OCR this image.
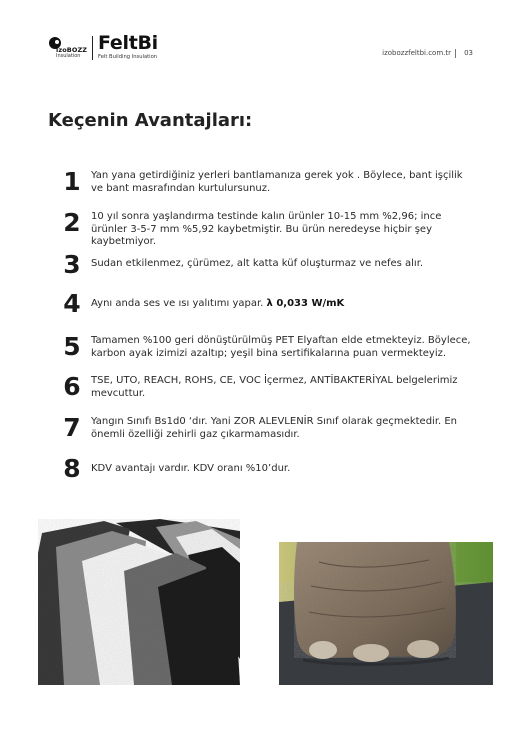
izoBOZZ
Insulation
FeltBi
Felt Building Insulation	izobozzfeltbi.com.tr 03
Keçenin Avantajları:
1	Yan yana getirdiğiniz yerleri bantlamanıza gerek yok . Böylece, bant işçilik ve bant masrafından kurtulursunuz.
2	10 yıl sonra yaşlandırma testinde kalın ürünler 10-15 mm %2,96; ince ürünler 3-5-7 mm %5,92 kaybetmiştir. Bu ürün neredeyse hiçbir şey kaybetmiyor.
3	Sudan etkilenmez, çürümez, alt katta küf oluşturmaz ve nefes alır.
4	Aynı anda ses ve ısı yalıtımı yapar. λ 0,033 W/mK
5	Tamamen %100 geri dönüştürülmüş PET Elyaftan elde etmekteyiz. Böylece, karbon ayak izimizi azaltıp; yeşil bina sertifikalarına puan vermekteyiz.
6	TSE, UTO, REACH, ROHS, CE, VOC İçermez, ANTİBAKTERİYAL belgelerimiz mevcuttur.
7	Yangın Sınıfı Bs1d0 ‘dır. Yani ZOR ALEVLENİR Sınıf olarak geçmektedir. En önemli özelliği zehirli gaz çıkarmamasıdır.
8	KDV avantajı vardır. KDV oranı %10’dur.
